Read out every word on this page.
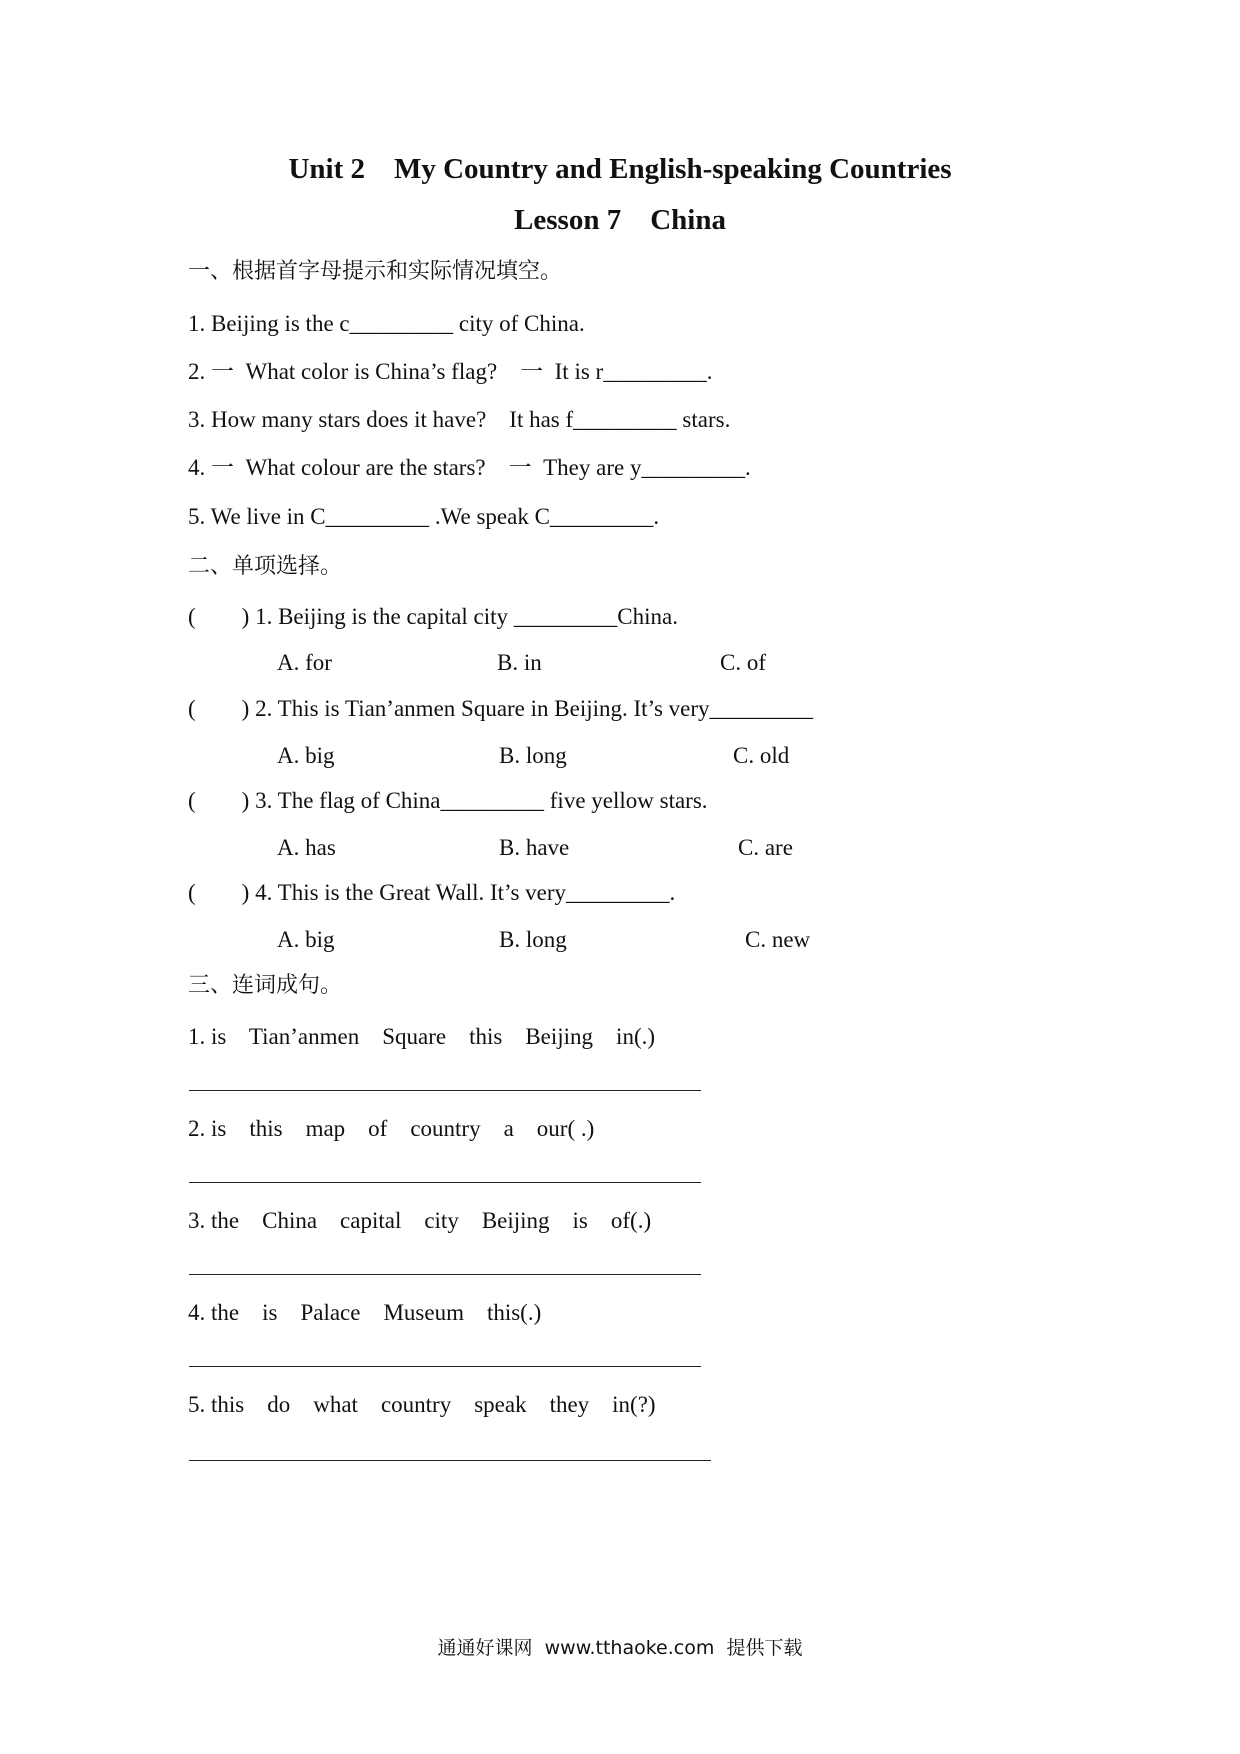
Unit 2    My Country and English-speaking Countries
Lesson 7    China
一、根据首字母提示和实际情况填空。
1. Beijing is the c_________ city of China.
2. 一  What color is China’s flag?    一  It is r_________.
3. How many stars does it have?    It has f_________ stars.
4. 一  What colour are the stars?    一  They are y_________.
5. We live in C_________ .We speak C_________.
二、单项选择。
(        ) 1. Beijing is the capital city _________China.
A. for	B. in	C. of
(        ) 2. This is Tian’anmen Square in Beijing. It’s very_________
A. big	B. long	C. old
(        ) 3. The flag of China_________ five yellow stars.
A. has	B. have	C. are
(        ) 4. This is the Great Wall. It’s very_________.
A. big	B. long	C. new
三、连词成句。
1. is    Tian’anmen    Square    this    Beijing    in(.)
2. is    this    map    of    country    a    our( .)
3. the    China    capital    city    Beijing    is    of(.)
4. the    is    Palace    Museum    this(.)
5. this    do    what    country    speak    they    in(?)
通通好课网  www.tthaoke.com  提供下载
